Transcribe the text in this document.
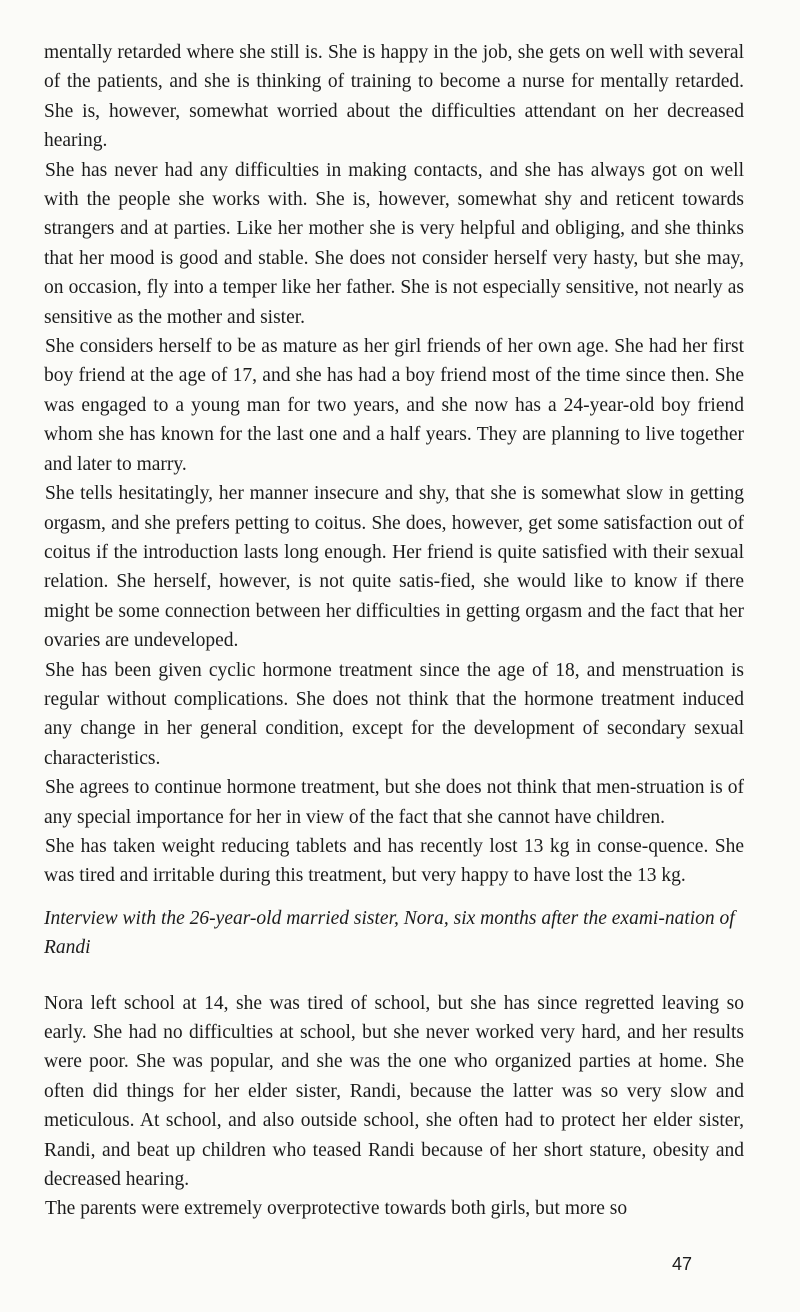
mentally retarded where she still is. She is happy in the job, she gets on well with several of the patients, and she is thinking of training to become a nurse for mentally retarded. She is, however, somewhat worried about the difficulties attendant on her decreased hearing.

She has never had any difficulties in making contacts, and she has always got on well with the people she works with. She is, however, somewhat shy and reticent towards strangers and at parties. Like her mother she is very helpful and obliging, and she thinks that her mood is good and stable. She does not consider herself very hasty, but she may, on occasion, fly into a temper like her father. She is not especially sensitive, not nearly as sensitive as the mother and sister.

She considers herself to be as mature as her girl friends of her own age. She had her first boy friend at the age of 17, and she has had a boy friend most of the time since then. She was engaged to a young man for two years, and she now has a 24-year-old boy friend whom she has known for the last one and a half years. They are planning to live together and later to marry.

She tells hesitatingly, her manner insecure and shy, that she is somewhat slow in getting orgasm, and she prefers petting to coitus. She does, however, get some satisfaction out of coitus if the introduction lasts long enough. Her friend is quite satisfied with their sexual relation. She herself, however, is not quite satis-fied, she would like to know if there might be some connection between her difficulties in getting orgasm and the fact that her ovaries are undeveloped.

She has been given cyclic hormone treatment since the age of 18, and menstruation is regular without complications. She does not think that the hormone treatment induced any change in her general condition, except for the development of secondary sexual characteristics.

She agrees to continue hormone treatment, but she does not think that men-struation is of any special importance for her in view of the fact that she cannot have children.

She has taken weight reducing tablets and has recently lost 13 kg in conse-quence. She was tired and irritable during this treatment, but very happy to have lost the 13 kg.

Interview with the 26-year-old married sister, Nora, six months after the exami-nation of Randi

Nora left school at 14, she was tired of school, but she has since regretted leaving so early. She had no difficulties at school, but she never worked very hard, and her results were poor. She was popular, and she was the one who organized parties at home. She often did things for her elder sister, Randi, because the latter was so very slow and meticulous. At school, and also outside school, she often had to protect her elder sister, Randi, and beat up children who teased Randi because of her short stature, obesity and decreased hearing.

The parents were extremely overprotective towards both girls, but more so

47
